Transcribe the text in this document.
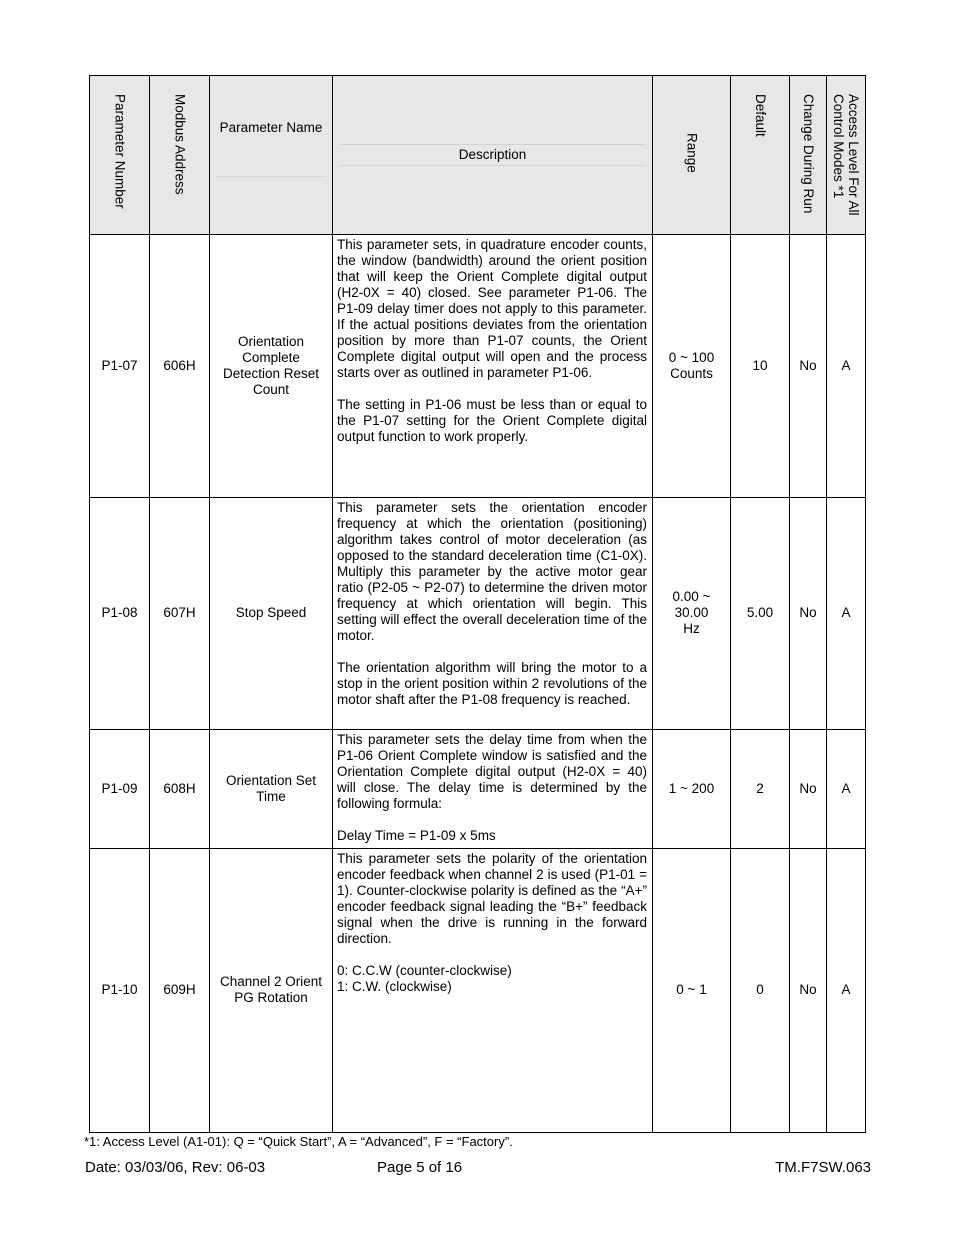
Parameter Number	Modbus Address	Parameter Name	Description	Range	Default	Change During Run	Access Level For All Control Modes *1

P1-07	606H	Orientation Complete Detection Reset Count	This parameter sets, in quadrature encoder counts, the window (bandwidth) around the orient position that will keep the Orient Complete digital output (H2-0X = 40) closed. See parameter P1-06. The P1-09 delay timer does not apply to this parameter. If the actual positions deviates from the orientation position by more than P1-07 counts, the Orient Complete digital output will open and the process starts over as outlined in parameter P1-06.

The setting in P1-06 must be less than or equal to the P1-07 setting for the Orient Complete digital output function to work properly.	0 ~ 100 Counts	10	No	A
P1-08	607H	Stop Speed	This parameter sets the orientation encoder frequency at which the orientation (positioning) algorithm takes control of motor deceleration (as opposed to the standard deceleration time (C1-0X). Multiply this parameter by the active motor gear ratio (P2-05 ~ P2-07) to determine the driven motor frequency at which orientation will begin. This setting will effect the overall deceleration time of the motor.

The orientation algorithm will bring the motor to a stop in the orient position within 2 revolutions of the motor shaft after the P1-08 frequency is reached.	0.00 ~ 30.00 Hz	5.00	No	A
P1-09	608H	Orientation Set Time	This parameter sets the delay time from when the P1-06 Orient Complete window is satisfied and the Orientation Complete digital output (H2-0X = 40) will close. The delay time is determined by the following formula:

Delay Time = P1-09 x 5ms	1 ~ 200	2	No	A
P1-10	609H	Channel 2 Orient PG Rotation	This parameter sets the polarity of the orientation encoder feedback when channel 2 is used (P1-01 = 1). Counter-clockwise polarity is defined as the “A+” encoder feedback signal leading the “B+” feedback signal when the drive is running in the forward direction.

0: C.C.W (counter-clockwise)

1: C.W. (clockwise)	0 ~ 1	0	No	A
*1: Access Level (A1-01): Q = “Quick Start”, A = “Advanced”, F = “Factory”.
Date: 03/03/06, Rev: 06-03	Page 5 of 16	TM.F7SW.063
